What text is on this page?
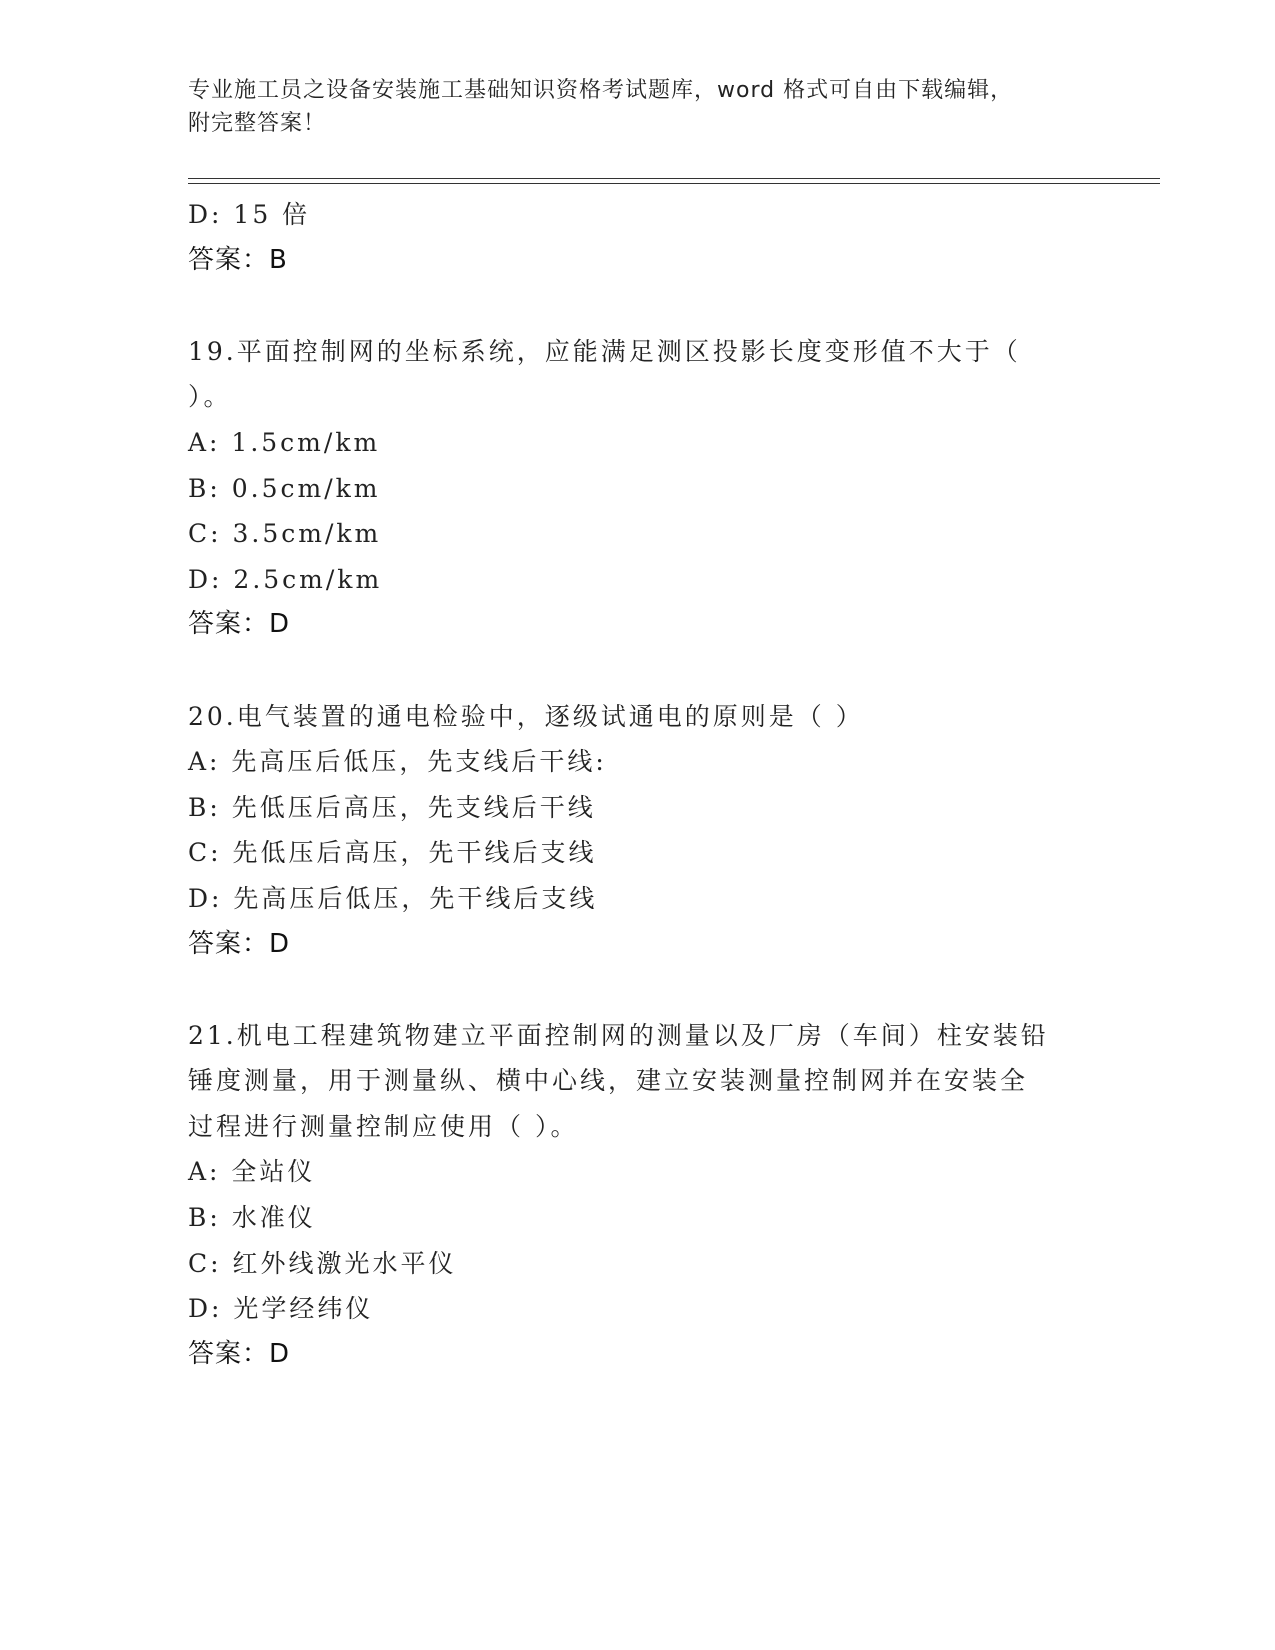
专业施工员之设备安装施工基础知识资格考试题库，word 格式可自由下载编辑，
附完整答案！
D: 15 倍
答案：B
19.平面控制网的坐标系统，应能满足测区投影长度变形值不大于（
）。
A: 1.5cm/km
B: 0.5cm/km
C: 3.5cm/km
D: 2.5cm/km
答案：D
20.电气装置的通电检验中，逐级试通电的原则是（ ）
A: 先高压后低压，先支线后干线:
B: 先低压后高压，先支线后干线
C: 先低压后高压，先干线后支线
D: 先高压后低压，先干线后支线
答案：D
21.机电工程建筑物建立平面控制网的测量以及厂房（车间）柱安装铅
锤度测量，用于测量纵、横中心线，建立安装测量控制网并在安装全
过程进行测量控制应使用（ ）。
A: 全站仪
B: 水准仪
C: 红外线激光水平仪
D: 光学经纬仪
答案：D
